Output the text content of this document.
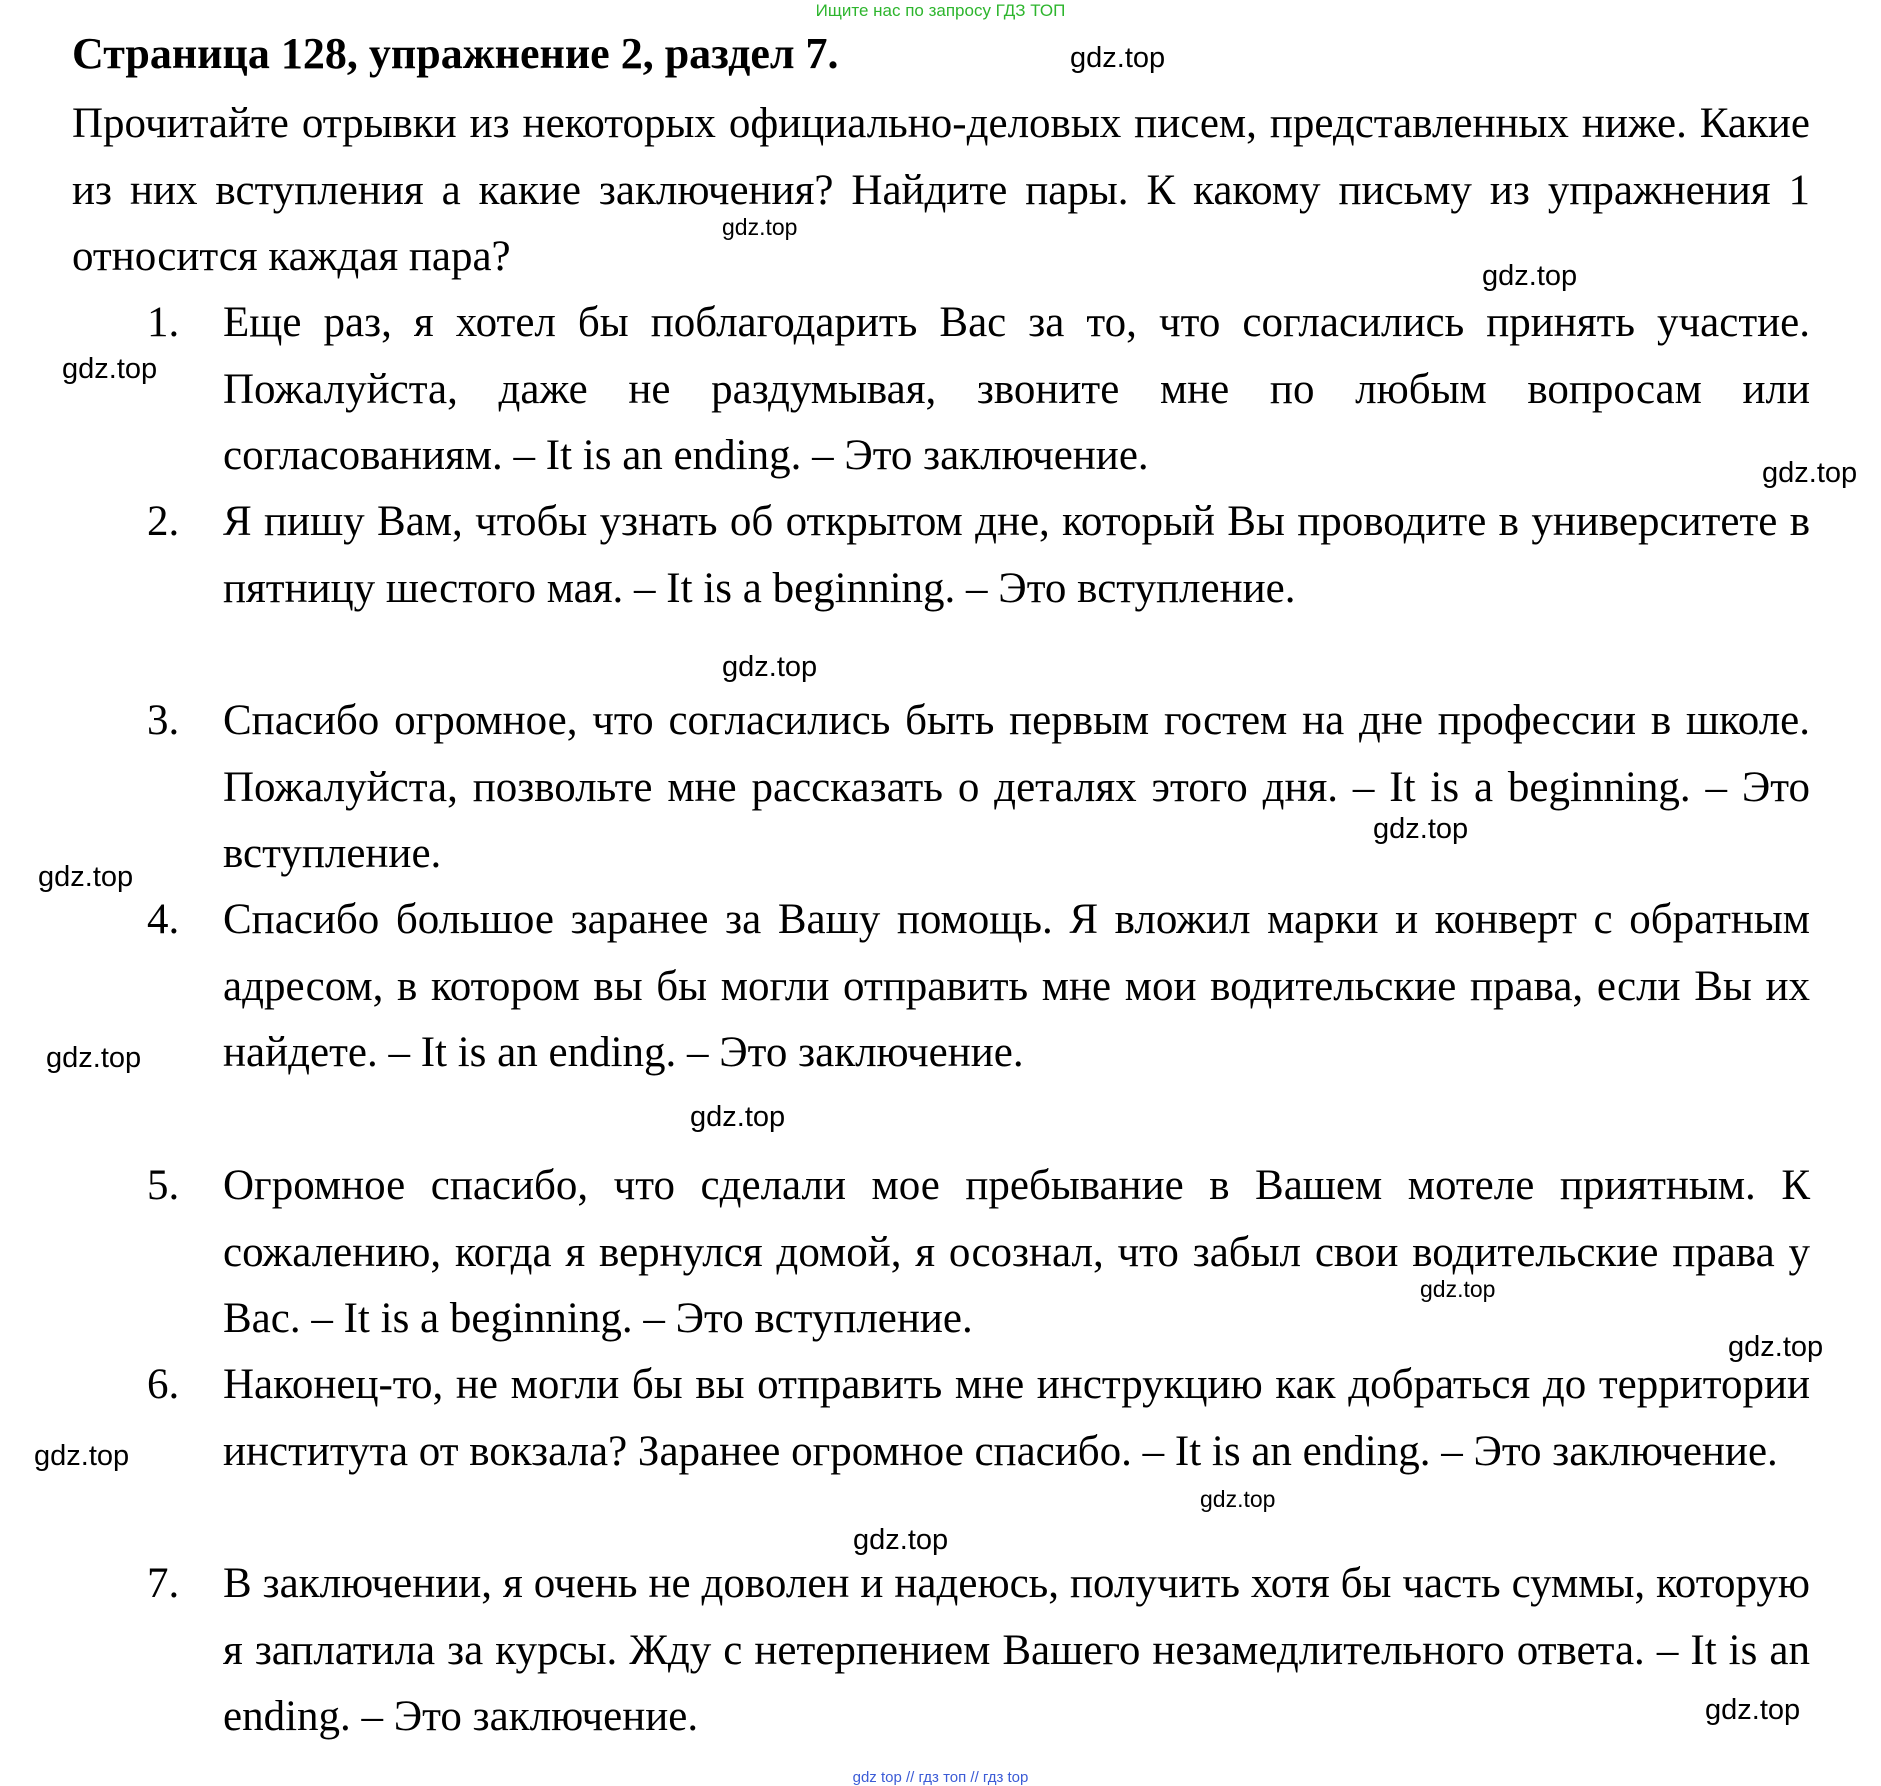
Ищите нас по запросу ГДЗ ТОП
Страница 128, упражнение 2, раздел 7.

Прочитайте отрывки из некоторых официально-деловых писем, представленных ниже. Какие из них вступления а какие заключения? Найдите пары. К какому письму из упражнения 1 относится каждая пара?

1. Еще раз, я хотел бы поблагодарить Вас за то, что согласились принять участие. Пожалуйста, даже не раздумывая, звоните мне по любым вопросам или согласованиям. – It is an ending. – Это заключение.

2. Я пишу Вам, чтобы узнать об открытом дне, который Вы проводите в университете в пятницу шестого мая. – It is a beginning. – Это вступление.

3. Спасибо огромное, что согласились быть первым гостем на дне профессии в школе. Пожалуйста, позвольте мне рассказать о деталях этого дня. – It is a beginning. – Это вступление.

4. Спасибо большое заранее за Вашу помощь. Я вложил марки и конверт с обратным адресом, в котором вы бы могли отправить мне мои водительские права, если Вы их найдете. – It is an ending. – Это заключение.

5. Огромное спасибо, что сделали мое пребывание в Вашем мотеле приятным. К сожалению, когда я вернулся домой, я осознал, что забыл свои водительские права у Вас. – It is a beginning. – Это вступление.

6. Наконец-то, не могли бы вы отправить мне инструкцию как добраться до территории института от вокзала? Заранее огромное спасибо. – It is an ending. – Это заключение.

7. В заключении, я очень не доволен и надеюсь, получить хотя бы часть суммы, которую я заплатила за курсы. Жду с нетерпением Вашего незамедлительного ответа. – It is an ending. – Это заключение.

gdz.top
gdz.top
gdz.top
gdz.top
gdz.top
gdz.top
gdz.top
gdz.top
gdz.top
gdz.top
gdz.top
gdz.top
gdz.top
gdz.top
gdz.top
gdz.top
gdz top // гдз топ // гдз top
